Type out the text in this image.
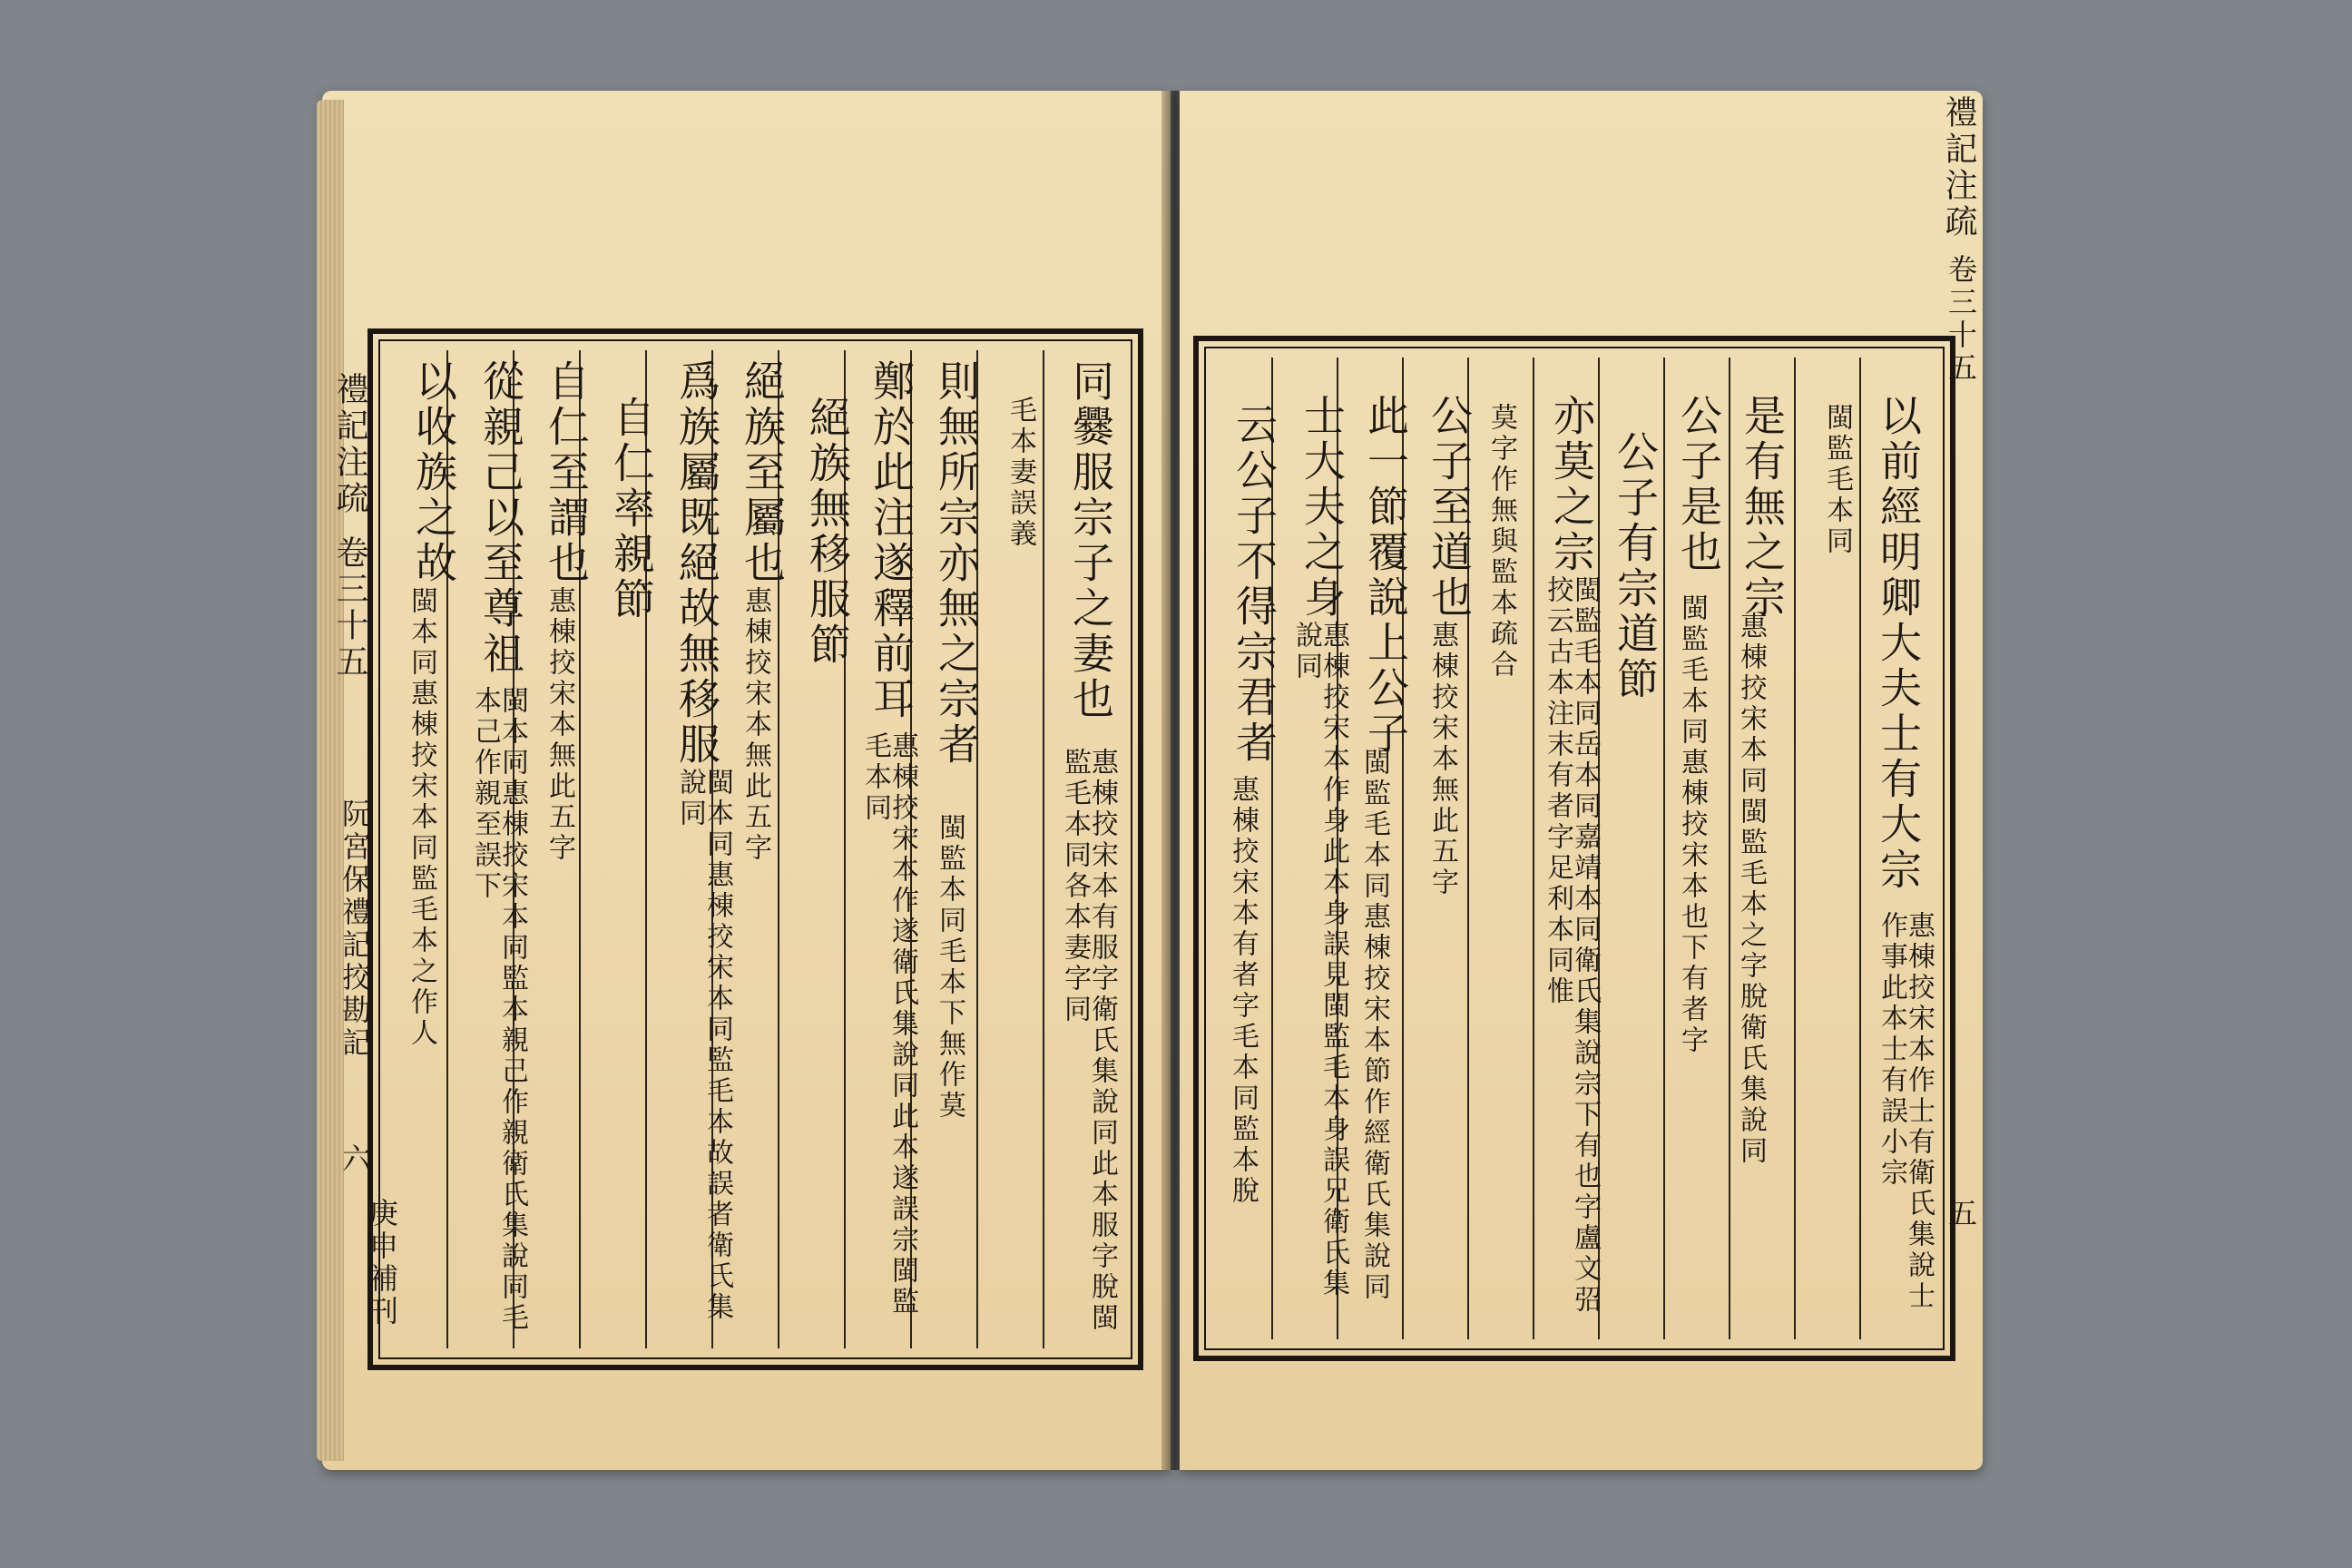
禮記注疏
卷三十五
阮宮保禮記挍勘記
六
庚申補刊
同爨服宗子之妻也
惠棟挍宋本有服字衛氏集說同此本服字脫閩監毛本同各本妻字同
毛本妻誤義
則無所宗亦無之宗者
閩監本同毛本下無作莫
鄭於此注遂釋前耳
惠棟挍宋本作遂衛氏集說同此本遂誤宗閩監毛本同
絕族無移服節
絕族至屬也
惠棟挍宋本無此五字
爲族屬既絕故無移服
閩本同惠棟挍宋本同監毛本故誤者衛氏集說同
自仁率親節
自仁至謂也
惠棟挍宋本無此五字
從親己以至尊祖
閩本同惠棟挍宋本同監本親己作親衛氏集說同毛本己作親至誤下
以收族之故
閩本同惠棟挍宋本同監毛本之作人
禮記注疏
卷三十五
五
以前經明卿大夫士有大宗
惠棟挍宋本作士有衛氏集說士作事此本士有誤小宗
閩監毛本同
是有無之宗
惠棟挍宋本同閩監毛本之字脫衛氏集說同
公子是也
閩監毛本同惠棟挍宋本也下有者字
公子有宗道節
亦莫之宗
閩監毛本同岳本同嘉靖本同衛氏集說宗下有也字盧文弨挍云古本注末有者字足利本同惟
莫字作無與監本疏合
公子至道也
惠棟挍宋本無此五字
此一節覆說上公子
閩監毛本同惠棟挍宋本節作經衛氏集說同
士大夫之身
惠棟挍宋本作身此本身誤見閩監毛本身誤兄衛氏集說同
云公子不得宗君者
惠棟挍宋本有者字毛本同監本脫
